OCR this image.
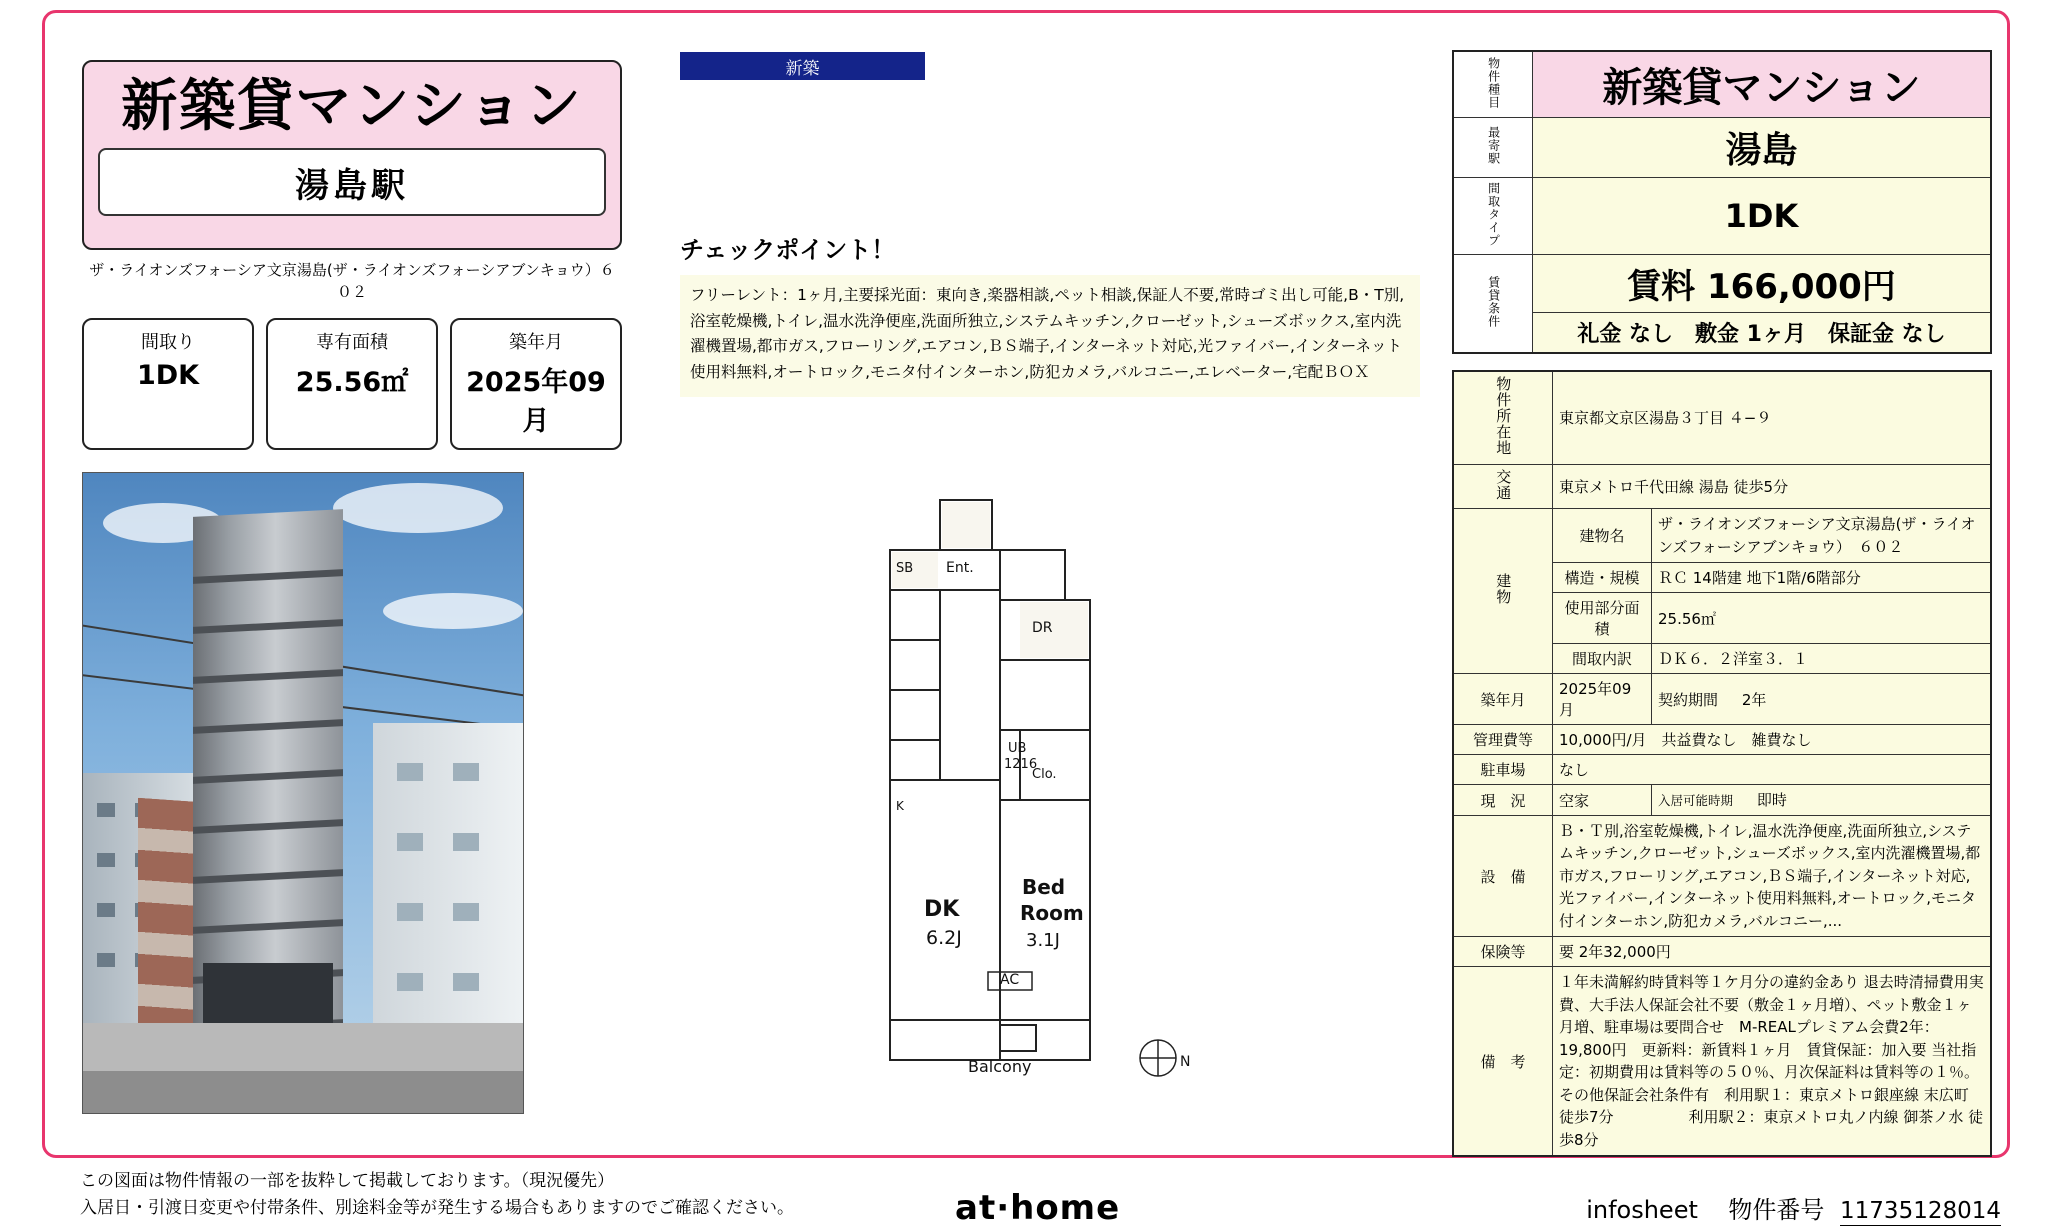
新築貸マンション
湯島駅
ザ・ライオンズフォーシア文京湯島(ザ・ライオンズフォーシアブンキョウ）６０２
間取り
1DK
専有面積
25.56㎡
築年月
2025年09月
新築
チェックポイント！
フリーレント：1ヶ月,主要採光面：東向き,楽器相談,ペット相談,保証人不要,常時ゴミ出し可能,B・T別,浴室乾燥機,トイレ,温水洗浄便座,洗面所独立,システムキッチン,クローゼット,シューズボックス,室内洗濯機置場,都市ガス,フローリング,エアコン,ＢＳ端子,インターネット対応,光ファイバー,インターネット使用料無料,オートロック,モニタ付インターホン,防犯カメラ,バルコニー,エレベーター,宅配ＢＯＸ
SB Ent.
DR
UB
1216
Clo.
K
DK
6.2J
Bed
Room
3.1J
AC
Balcony	N
物件種目	新築貸マンション
最寄駅	湯島
間取タイプ	1DK
賃貸条件	賃料 166,000円
	礼金 なし　敷金 1ヶ月　保証金 なし
物件所在地	東京都文京区湯島３丁目 ４−９	
交通	東京メトロ千代田線 湯島 徒歩5分	
建物	建物名	ザ・ライオンズフォーシア文京湯島(ザ・ライオンズフォーシアブンキョウ）　６０２
	構造・規模	ＲＣ 14階建 地下1階/6階部分
	使用部分面積	25.56㎡
	間取内訳	ＤＫ６．２洋室３．１
築年月	2025年09月	契約期間 2年
管理費等	10,000円/月　共益費なし　雑費なし	
駐車場	なし	
現　況	空家	入居可能時期 即時
設　備	Ｂ・Ｔ別,浴室乾燥機,トイレ,温水洗浄便座,洗面所独立,システムキッチン,クローゼット,シューズボックス,室内洗濯機置場,都市ガス,フローリング,エアコン,ＢＳ端子,インターネット対応,光ファイバー,インターネット使用料無料,オートロック,モニタ付インターホン,防犯カメラ,バルコニー,...	
保険等	要 2年32,000円	
備　考	１年未満解約時賃料等１ケ月分の違約金あり 退去時清掃費用実費、大手法人保証会社不要（敷金１ヶ月増）、ペット敷金１ヶ月増、駐車場は要問合せ　M-REALプレミアム会費2年：19,800円　更新料：新賃料１ヶ月　賃貸保証：加入要 当社指定：初期費用は賃料等の５０％、月次保証料は賃料等の１％。その他保証会社条件有　利用駅１：東京メトロ銀座線 末広町 徒歩7分　　　　　利用駅２：東京メトロ丸ノ内線 御茶ノ水 徒歩8分	
この図面は物件情報の一部を抜粋して掲載しております。（現況優先）
入居日・引渡日変更や付帯条件、別途料金等が発生する場合もありますのでご確認ください。	at·home	infosheet 物件番号 11735128014
